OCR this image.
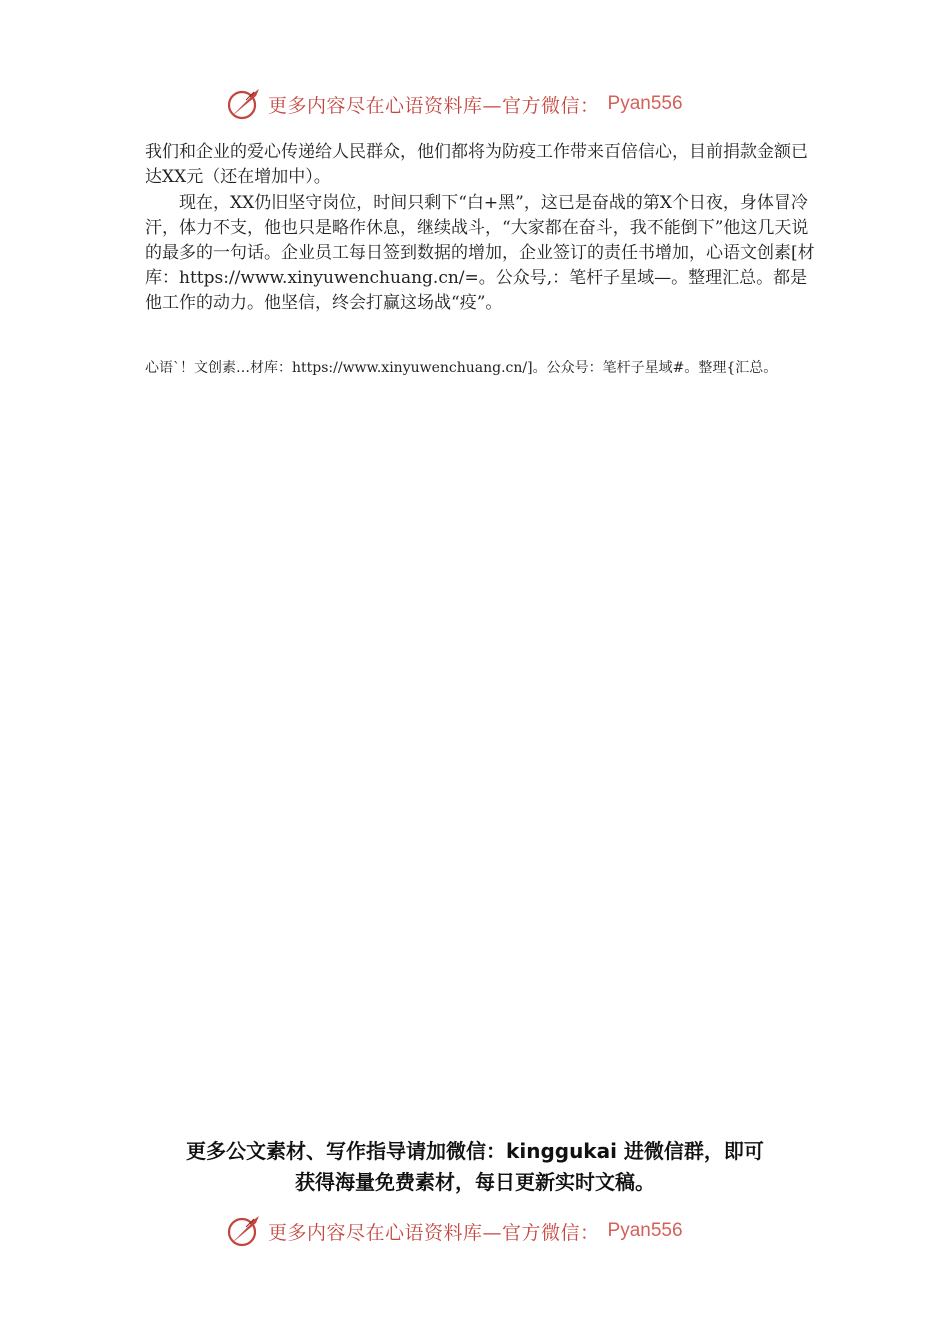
更多内容尽在心语资料库—官方微信： Pyan556

我们和企业的爱心传递给人民群众，他们都将为防疫工作带来百倍信心，目前捐款金额已达XX元（还在增加中）。

现在，XX仍旧坚守岗位，时间只剩下“白+黑”，这已是奋战的第X个日夜，身体冒冷汗，体力不支，他也只是略作休息，继续战斗，“大家都在奋斗，我不能倒下”他这几天说的最多的一句话。企业员工每日签到数据的增加，企业签订的责任书增加，心语文创素[材库：https://www.xinyuwenchuang.cn/=。公众号,：笔杆子星域—。整理汇总。都是他工作的动力。他坚信，终会打赢这场战“疫”。

心语`！文创素…材库：https://www.xinyuwenchuang.cn/]。公众号：笔杆子星域#。整理{汇总。

更多公文素材、写作指导请加微信：kinggukai 进微信群，即可
获得海量免费素材，每日更新实时文稿。
更多内容尽在心语资料库—官方微信： Pyan556
